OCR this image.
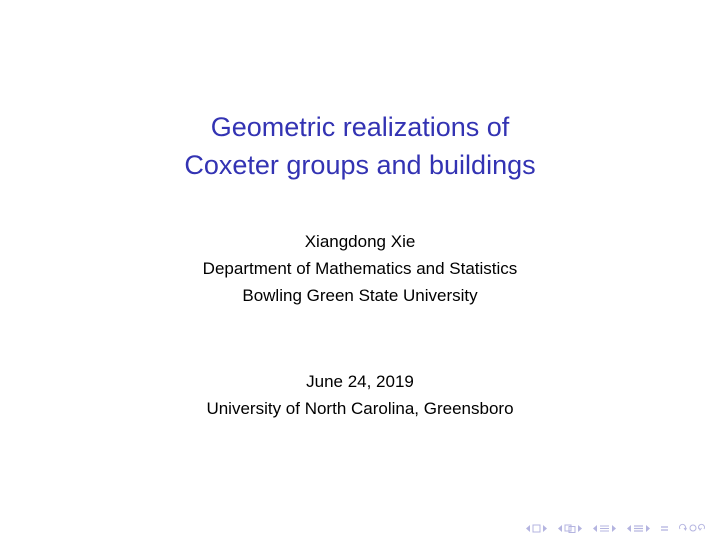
Geometric realizations of
Coxeter groups and buildings
Xiangdong Xie
Department of Mathematics and Statistics
Bowling Green State University
June 24, 2019
University of North Carolina, Greensboro
